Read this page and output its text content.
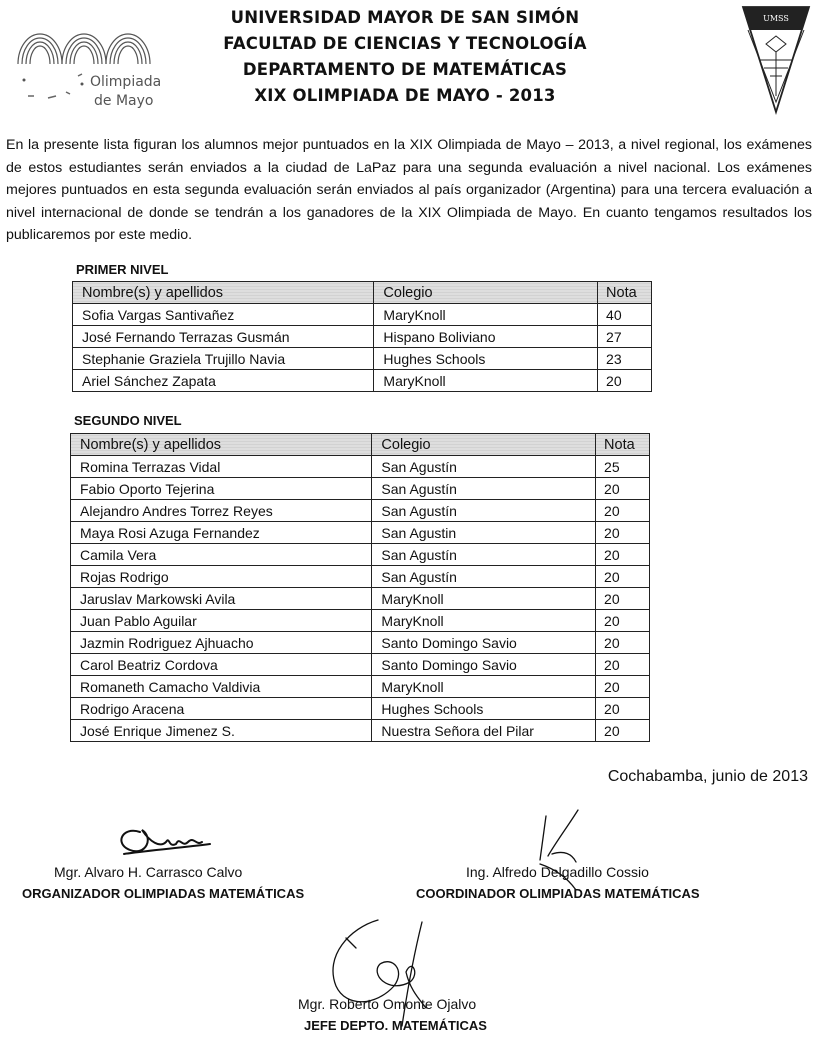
Olimpiada
de Mayo
UMSS
UNIVERSIDAD MAYOR DE SAN SIMÓN
FACULTAD DE CIENCIAS Y TECNOLOGÍA
DEPARTAMENTO DE MATEMÁTICAS
XIX OLIMPIADA DE MAYO - 2013
En la presente lista figuran los alumnos mejor puntuados en la XIX Olimpiada de Mayo – 2013, a nivel regional, los exámenes de estos estudiantes serán enviados a la ciudad de LaPaz para una segunda evaluación a nivel nacional. Los exámenes mejores puntuados en esta segunda evaluación serán enviados al país organizador (Argentina) para una tercera evaluación a nivel internacional de donde se tendrán a los ganadores de la XIX Olimpiada de Mayo. En cuanto tengamos resultados los publicaremos por este medio.
PRIMER NIVEL
Nombre(s) y apellidos	Colegio	Nota
Sofia Vargas Santivañez	MaryKnoll	40
José Fernando Terrazas Gusmán	Hispano Boliviano	27
Stephanie Graziela Trujillo Navia	Hughes Schools	23
Ariel Sánchez Zapata	MaryKnoll	20
SEGUNDO NIVEL
Nombre(s) y apellidos	Colegio	Nota
Romina Terrazas Vidal	San Agustín	25
Fabio Oporto Tejerina	San Agustín	20
Alejandro Andres Torrez Reyes	San Agustín	20
Maya Rosi Azuga Fernandez	San Agustin	20
Camila Vera	San Agustín	20
Rojas Rodrigo	San Agustín	20
Jaruslav Markowski Avila	MaryKnoll	20
Juan Pablo Aguilar	MaryKnoll	20
Jazmin Rodriguez Ajhuacho	Santo Domingo Savio	20
Carol Beatriz Cordova	Santo Domingo Savio	20
Romaneth Camacho Valdivia	MaryKnoll	20
Rodrigo Aracena	Hughes Schools	20
José Enrique Jimenez S.	Nuestra Señora del Pilar	20
Cochabamba, junio de 2013
Mgr. Alvaro H. Carrasco Calvo
ORGANIZADOR OLIMPIADAS MATEMÁTICAS
Ing. Alfredo Delgadillo Cossio
COORDINADOR OLIMPIADAS MATEMÁTICAS
Mgr. Roberto Omonte Ojalvo
JEFE DEPTO. MATEMÁTICAS
